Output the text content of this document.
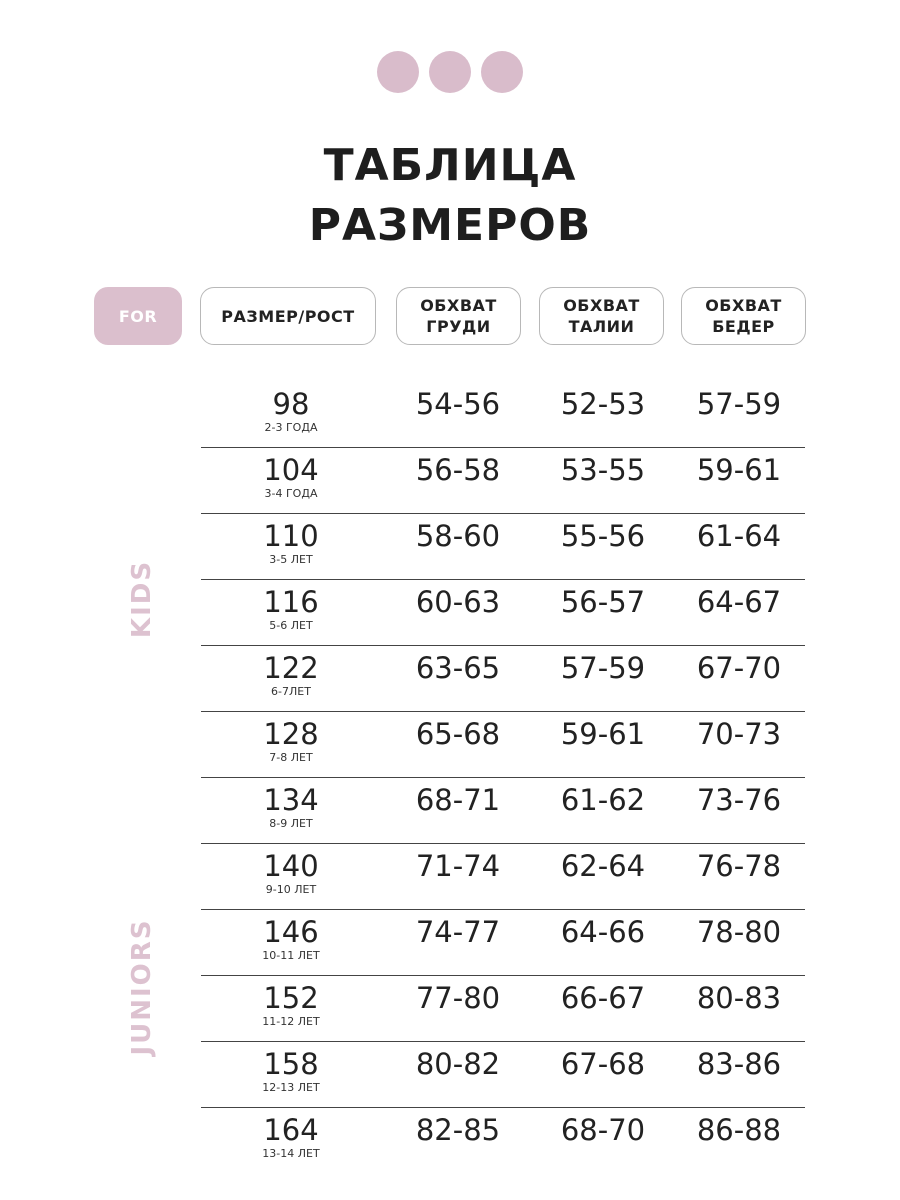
ТАБЛИЦА
РАЗМЕРОВ
FOR	РАЗМЕР/РОСТ
ОБХВАТ
ГРУДИ
ОБХВАТ
ТАЛИИ
ОБХВАТ
БЕДЕР
KIDS
JUNIORS
98
2-3 ГОДА
54-56	52-53	57-59
104
3-4 ГОДА
56-58	53-55	59-61
110
3-5 ЛЕТ
58-60	55-56	61-64
116
5-6 ЛЕТ
60-63	56-57	64-67
122
6-7ЛЕТ
63-65	57-59	67-70
128
7-8 ЛЕТ
65-68	59-61	70-73
134
8-9 ЛЕТ
68-71	61-62	73-76
140
9-10 ЛЕТ
71-74	62-64	76-78
146
10-11 ЛЕТ
74-77	64-66	78-80
152
11-12 ЛЕТ
77-80	66-67	80-83
158
12-13 ЛЕТ
80-82	67-68	83-86
164
13-14 ЛЕТ
82-85	68-70	86-88
